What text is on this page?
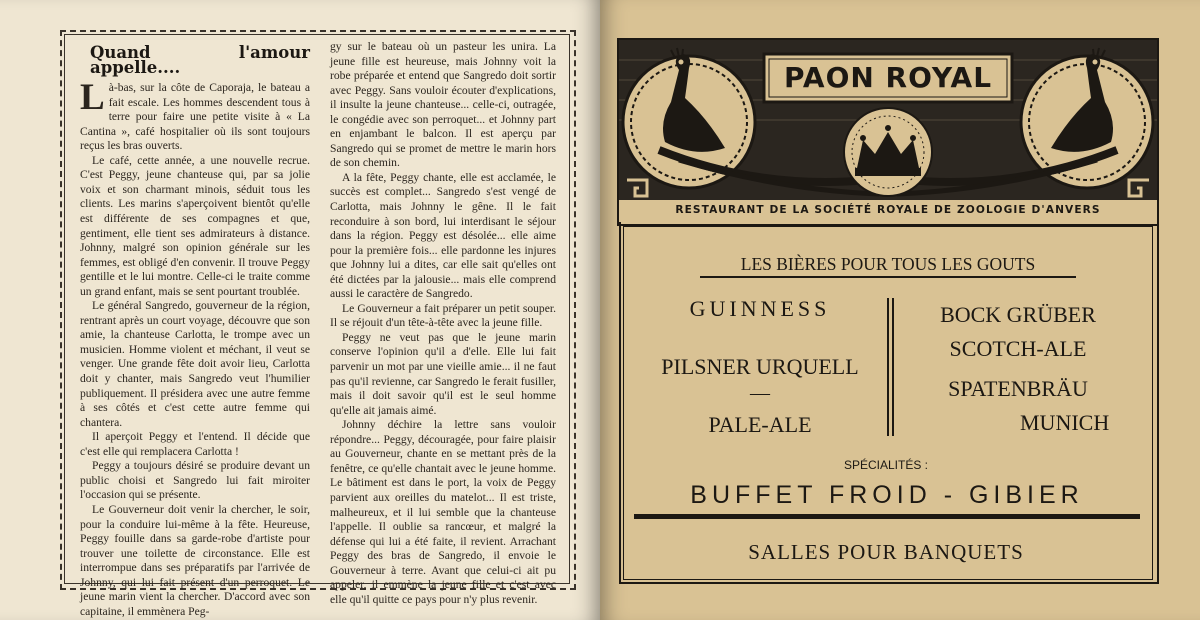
Quand l'amour appelle....

Là-bas, sur la côte de Caporaja, le bateau a fait escale. Les hommes descendent tous à terre pour faire une petite visite à « La Cantina », café hospitalier où ils sont toujours reçus les bras ouverts.

Le café, cette année, a une nouvelle recrue. C'est Peggy, jeune chanteuse qui, par sa jolie voix et son charmant minois, séduit tous les clients. Les marins s'aperçoivent bientôt qu'elle est différente de ses compagnes et que, gentiment, elle tient ses admirateurs à distance. Johnny, malgré son opinion générale sur les femmes, est obligé d'en convenir. Il trouve Peggy gentille et le lui montre. Celle-ci le traite comme un grand enfant, mais se sent pourtant troublée.

Le général Sangredo, gouverneur de la région, rentrant après un court voyage, découvre que son amie, la chanteuse Carlotta, le trompe avec un musicien. Homme violent et méchant, il veut se venger. Une grande fête doit avoir lieu, Carlotta doit y chanter, mais Sangredo veut l'humilier publiquement. Il présidera avec une autre femme à ses côtés et c'est cette autre femme qui chantera.

Il aperçoit Peggy et l'entend. Il décide que c'est elle qui remplacera Carlotta !

Peggy a toujours désiré se produire devant un public choisi et Sangredo lui fait miroiter l'occasion qui se présente.

Le Gouverneur doit venir la chercher, le soir, pour la conduire lui-même à la fête. Heureuse, Peggy fouille dans sa garde-robe d'artiste pour trouver une toilette de circonstance. Elle est interrompue dans ses préparatifs par l'arrivée de Johnny, qui lui fait présent d'un perroquet. Le jeune marin vient la chercher. D'accord avec son capitaine, il emmènera Peg-

gy sur le bateau où un pasteur les unira. La jeune fille est heureuse, mais Johnny voit la robe préparée et entend que Sangredo doit sortir avec Peggy. Sans vouloir écouter d'explications, il insulte la jeune chanteuse... celle-ci, outragée, le congédie avec son perroquet... et Johnny part en enjambant le balcon. Il est aperçu par Sangredo qui se promet de mettre le marin hors de son chemin.

A la fête, Peggy chante, elle est acclamée, le succès est complet... Sangredo s'est vengé de Carlotta, mais Johnny le gêne. Il le fait reconduire à son bord, lui interdisant le séjour dans la région. Peggy est désolée... elle aime pour la première fois... elle pardonne les injures que Johnny lui a dites, car elle sait qu'elles ont été dictées par la jalousie... mais elle comprend aussi le caractère de Sangredo.

Le Gouverneur a fait préparer un petit souper. Il se réjouit d'un tête-à-tête avec la jeune fille.

Peggy ne veut pas que le jeune marin conserve l'opinion qu'il a d'elle. Elle lui fait parvenir un mot par une vieille amie... il ne faut pas qu'il revienne, car Sangredo le ferait fusiller, mais il doit savoir qu'il est le seul homme qu'elle ait jamais aimé.

Johnny déchire la lettre sans vouloir répondre... Peggy, découragée, pour faire plaisir au Gouverneur, chante en se mettant près de la fenêtre, ce qu'elle chantait avec le jeune homme. Le bâtiment est dans le port, la voix de Peggy parvient aux oreilles du matelot... Il est triste, malheureux, et il lui semble que la chanteuse l'appelle. Il oublie sa rancœur, et malgré la défense qui lui a été faite, il revient. Arrachant Peggy des bras de Sangredo, il envoie le Gouverneur à terre. Avant que celui-ci ait pu appeler, il emmène la jeune fille et c'est avec elle qu'il quitte ce pays pour n'y plus revenir.

PAON ROYAL
RESTAURANT DE LA SOCIÉTÉ ROYALE DE ZOOLOGIE D'ANVERS
LES BIÈRES POUR TOUS LES GOUTS
GUINNESS
PILSNER URQUELL
—
PALE-ALE
BOCK GRÜBER
SCOTCH-ALE
SPATENBRÄU
MUNICH
SPÉCIALITÉS :
BUFFET FROID - GIBIER
SALLES POUR BANQUETS
